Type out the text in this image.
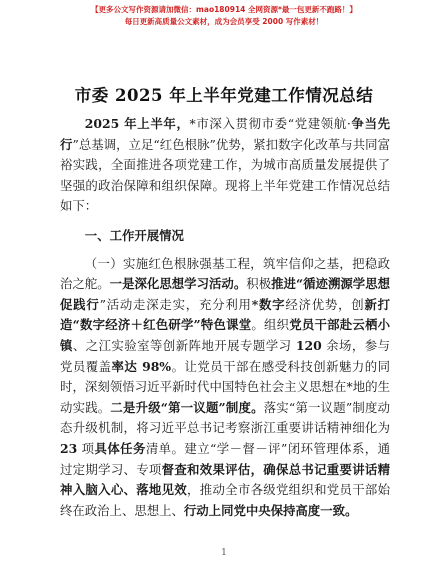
【更多公文写作资源请加微信：mao180914 全网资源*最一包更新不跑路！】
每日更新高质量公文素材，成为会员享受 2000 写作素材！
市委 2025 年上半年党建工作情况总结

2025 年上半年，*市深入贯彻市委“党建领航·争当先行”总基调，立足“红色根脉”优势，紧扣数字化改革与共同富裕实践，全面推进各项党建工作，为城市高质量发展提供了坚强的政治保障和组织保障。现将上半年党建工作情况总结如下：

一、工作开展情况

（一）实施红色根脉强基工程，筑牢信仰之基，把稳政治之舵。一是深化思想学习活动。积极推进“循迹溯源学思想促践行”活动走深走实，充分利用*数字经济优势，创新打造“数字经济＋红色研学”特色课堂。组织党员干部赴云栖小镇、之江实验室等创新阵地开展专题学习 120 余场，参与党员覆盖率达 98%。让党员干部在感受科技创新魅力的同时，深刻领悟习近平新时代中国特色社会主义思想在*地的生动实践。二是升级“第一议题”制度。落实“第一议题”制度动态升级机制，将习近平总书记考察浙江重要讲话精神细化为 23 项具体任务清单。建立“学－督－评”闭环管理体系，通过定期学习、专项督查和效果评估，确保总书记重要讲话精神入脑入心、落地见效，推动全市各级党组织和党员干部始终在政治上、思想上、行动上同党中央保持高度一致。

1
